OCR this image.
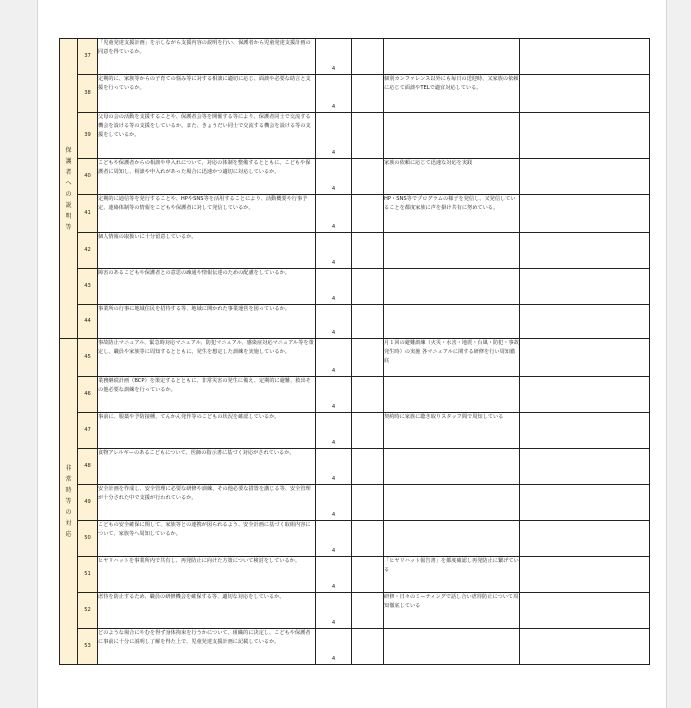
保護者への説明等	37	「児童発達支援計画」を示しながら支援内容の説明を行い、保護者から児童発達支援計画の同意を得ているか。	4			
	38	定期的に、家族等からの子育ての悩み等に対する相談に適切に応じ、面談や必要な助言と支援を行っているか。	4		個別カンファレンス以外にも毎日の送迎時、又家族の依頼に応じて面談やTELで適宜対応している。	
	39	父母の会の活動を支援することや、保護者会等を開催する等により、保護者同士で交流する機会を設ける等の支援をしているか。また、きょうだい同士で交流する機会を設ける等の支援をしているか。	4			
	40	こどもや保護者からの相談や申入れについて、対応の体制を整備するとともに、こどもや保護者に周知し、相談や申入れがあった場合に迅速かつ適切に対応しているか。	4		家族の依頼に応じて迅速な対応を実践	
	41	定期的に通信等を発行することや、HPやSNS等を活用することにより、活動概要や行事予定、連絡体制等の情報をこどもや保護者に対して発信しているか。	4		HP・SNS等でプログラムの様子を発信し、又発信していることを都度家族に声を掛け共有に努めている。	
	42	個人情報の取扱いに十分留意しているか。	4			
	43	障害のあるこどもや保護者との意思の疎通や情報伝達のための配慮をしているか。	4			
	44	事業所の行事に地域住民を招待する等、地域に開かれた事業運営を図っているか。	4			
非常時等の対応	45	事故防止マニュアル、緊急時対応マニュアル、防犯マニュアル、感染症対応マニュアル等を策定し、職員や家族等に周知するとともに、発生を想定した訓練を実施しているか。	4		月１回の避難訓練（火災・水害・地震・台風・防犯・事故発生時）の実施 各マニュアルに関する研修を行い周知徹底	
	46	業務継続計画（BCP）を策定するとともに、非常災害の発生に備え、定期的に避難、救出その他必要な訓練を行っているか。	4			
	47	事前に、服薬や予防接種、てんかん発作等のこどもの状況を確認しているか。	4		契約時に家族に聴き取りスタッフ間で周知している	
	48	食物アレルギーのあるこどもについて、医師の指示書に基づく対応がされているか。	4			
	49	安全計画を作成し、安全管理に必要な研修や訓練、その他必要な措置を講じる等、安全管理が十分された中で支援が行われているか。	4			
	50	こどもの安全確保に関して、家族等との連携が図られるよう、安全計画に基づく取組内容について、家族等へ周知しているか。	4			
	51	ヒヤリハットを事業所内で共有し、再発防止に向けた方策について検討をしているか。	4		「ヒヤリハット報告書」を都度確認し再発防止に繋げている	
	52	虐待を防止するため、職員の研修機会を確保する等、適切な対応をしているか。	4		研修・日々のミーティングで話し合い虐待防止について周知徹底している	
	53	どのような場合にやむを得ず身体拘束を行うかについて、組織的に決定し、こどもや保護者に事前に十分に説明し了解を得た上で、児童発達支援計画に記載しているか。	4			
